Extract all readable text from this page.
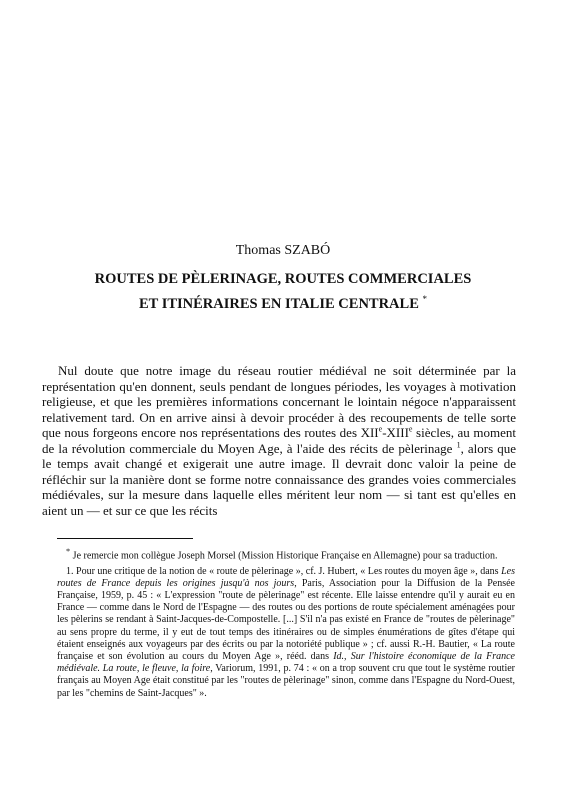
Thomas SZABÓ
ROUTES DE PÈLERINAGE, ROUTES COMMERCIALES
ET ITINÉRAIRES EN ITALIE CENTRALE *

Nul doute que notre image du réseau routier médiéval ne soit déterminée par la représentation qu'en donnent, seuls pendant de longues périodes, les voyages à motivation religieuse, et que les premières informations concernant le lointain négoce n'apparaissent relativement tard. On en arrive ainsi à devoir procéder à des recoupements de telle sorte que nous forgeons encore nos représentations des routes des XIIe-XIIIe siècles, au moment de la révolution commerciale du Moyen Age, à l'aide des récits de pèlerinage $^1$, alors que le temps avait changé et exigerait une autre image. Il devrait donc valoir la peine de réfléchir sur la manière dont se forme notre connaissance des grandes voies commerciales médiévales, sur la mesure dans laquelle elles méritent leur nom — si tant est qu'elles en aient un — et sur ce que les récits

* Je remercie mon collègue Joseph Morsel (Mission Historique Française en Allemagne) pour sa traduction.
1. Pour une critique de la notion de « route de pèlerinage », cf. J. Hubert, « Les routes du moyen âge », dans Les routes de France depuis les origines jusqu'à nos jours, Paris, Association pour la Diffusion de la Pensée Française, 1959, p. 45 : « L'expression "route de pèlerinage" est récente. Elle laisse entendre qu'il y aurait eu en France — comme dans le Nord de l'Espagne — des routes ou des portions de route spécialement aménagées pour les pèlerins se rendant à Saint-Jacques-de-Compostelle. [...] S'il n'a pas existé en France de "routes de pèlerinage" au sens propre du terme, il y eut de tout temps des itinéraires ou de simples énumérations de gîtes d'étape qui étaient enseignés aux voyageurs par des écrits ou par la notoriété publique » ; cf. aussi R.-H. Bautier, « La route française et son évolution au cours du Moyen Age », rééd. dans Id., Sur l'histoire économique de la France médiévale. La route, le fleuve, la foire, Variorum, 1991, p. 74 : « on a trop souvent cru que tout le système routier français au Moyen Age était constitué par les "routes de pèlerinage" sinon, comme dans l'Espagne du Nord-Ouest, par les "chemins de Saint-Jacques" ».
